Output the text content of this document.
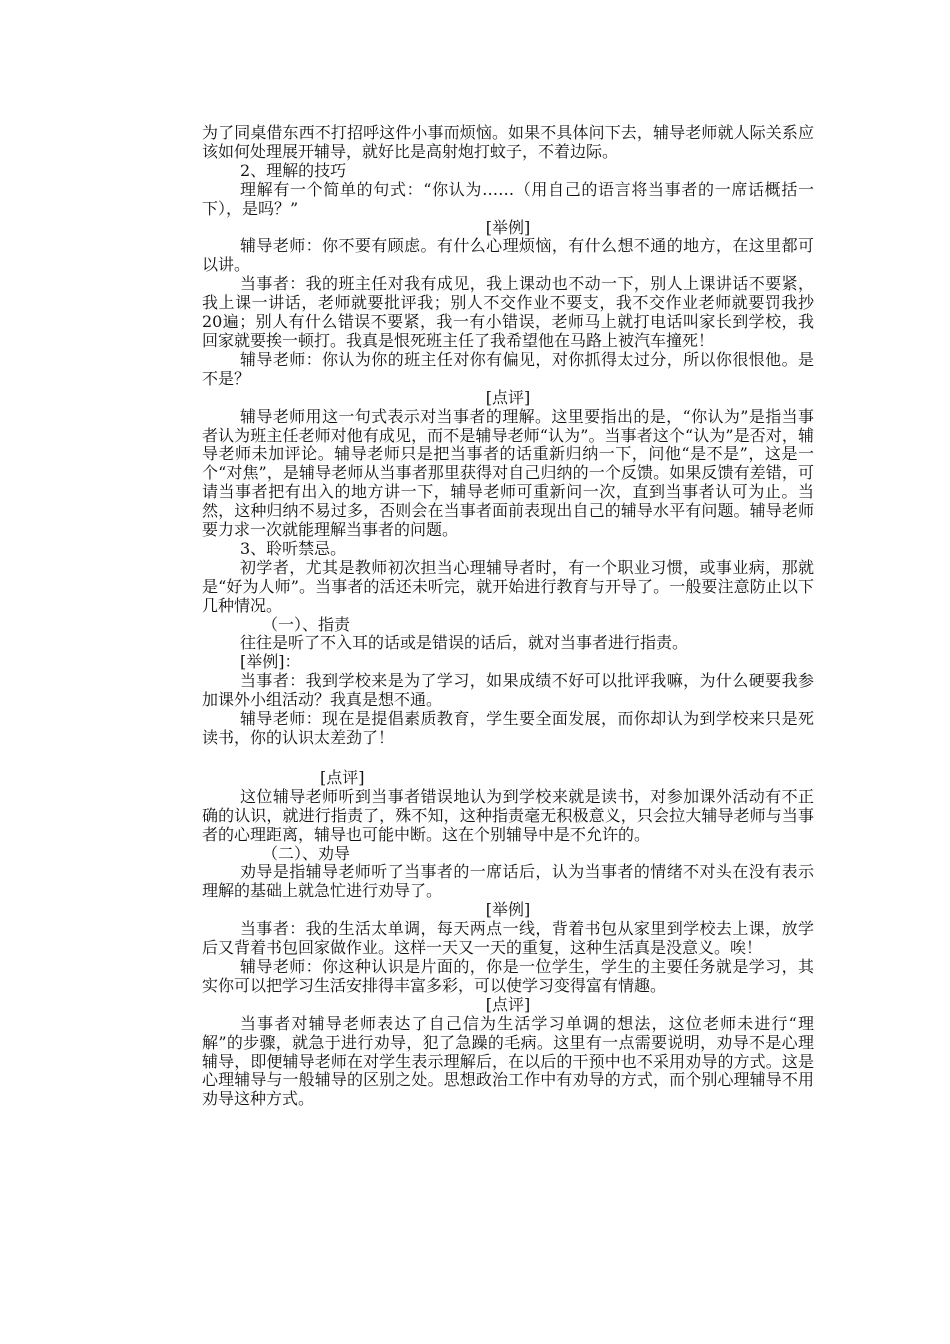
为了同桌借东西不打招呼这件小事而烦恼。如果不具体问下去，辅导老师就人际关系应该如何处理展开辅导，就好比是高射炮打蚊子，不着边际。

2、理解的技巧

理解有一个简单的句式：“你认为……（用自己的语言将当事者的一席话概括一下），是吗？”

[举例]

辅导老师：你不要有顾虑。有什么心理烦恼，有什么想不通的地方，在这里都可以讲。

当事者：我的班主任对我有成见，我上课动也不动一下，别人上课讲话不要紧，我上课一讲话，老师就要批评我；别人不交作业不要支，我不交作业老师就要罚我抄20遍；别人有什么错误不要紧，我一有小错误，老师马上就打电话叫家长到学校，我回家就要挨一顿打。我真是恨死班主任了我希望他在马路上被汽车撞死！

辅导老师：你认为你的班主任对你有偏见，对你抓得太过分，所以你很恨他。是不是？

[点评]

辅导老师用这一句式表示对当事者的理解。这里要指出的是，“你认为”是指当事者认为班主任老师对他有成见，而不是辅导老师“认为”。当事者这个“认为”是否对，辅导老师未加评论。辅导老师只是把当事者的话重新归纳一下，问他“是不是”，这是一个“对焦”，是辅导老师从当事者那里获得对自己归纳的一个反馈。如果反馈有差错，可请当事者把有出入的地方讲一下，辅导老师可重新问一次，直到当事者认可为止。当然，这种归纳不易过多，否则会在当事者面前表现出自己的辅导水平有问题。辅导老师要力求一次就能理解当事者的问题。

3、聆听禁忌。

初学者，尤其是教师初次担当心理辅导者时，有一个职业习惯，或事业病，那就是“好为人师”。当事者的活还未听完，就开始进行教育与开导了。一般要注意防止以下几种情况。

（一）、指责

往往是听了不入耳的话或是错误的话后，就对当事者进行指责。

[举例]：

当事者：我到学校来是为了学习，如果成绩不好可以批评我嘛，为什么硬要我参加课外小组活动？我真是想不通。

辅导老师：现在是提倡素质教育，学生要全面发展，而你却认为到学校来只是死读书，你的认识太差劲了！

[点评]

这位辅导老师听到当事者错误地认为到学校来就是读书，对参加课外活动有不正确的认识，就进行指责了，殊不知，这种指责毫无积极意义，只会拉大辅导老师与当事者的心理距离，辅导也可能中断。这在个别辅导中是不允许的。

（二）、劝导

劝导是指辅导老师听了当事者的一席话后，认为当事者的情绪不对头在没有表示理解的基础上就急忙进行劝导了。

[举例]

当事者：我的生活太单调，每天两点一线，背着书包从家里到学校去上课，放学后又背着书包回家做作业。这样一天又一天的重复，这种生活真是没意义。唉！

辅导老师：你这种认识是片面的，你是一位学生，学生的主要任务就是学习，其实你可以把学习生活安排得丰富多彩，可以使学习变得富有情趣。

[点评]

当事者对辅导老师表达了自己信为生活学习单调的想法，这位老师未进行“理解”的步骤，就急于进行劝导，犯了急躁的毛病。这里有一点需要说明，劝导不是心理辅导，即便辅导老师在对学生表示理解后，在以后的干预中也不采用劝导的方式。这是心理辅导与一般辅导的区别之处。思想政治工作中有劝导的方式，而个别心理辅导不用劝导这种方式。
